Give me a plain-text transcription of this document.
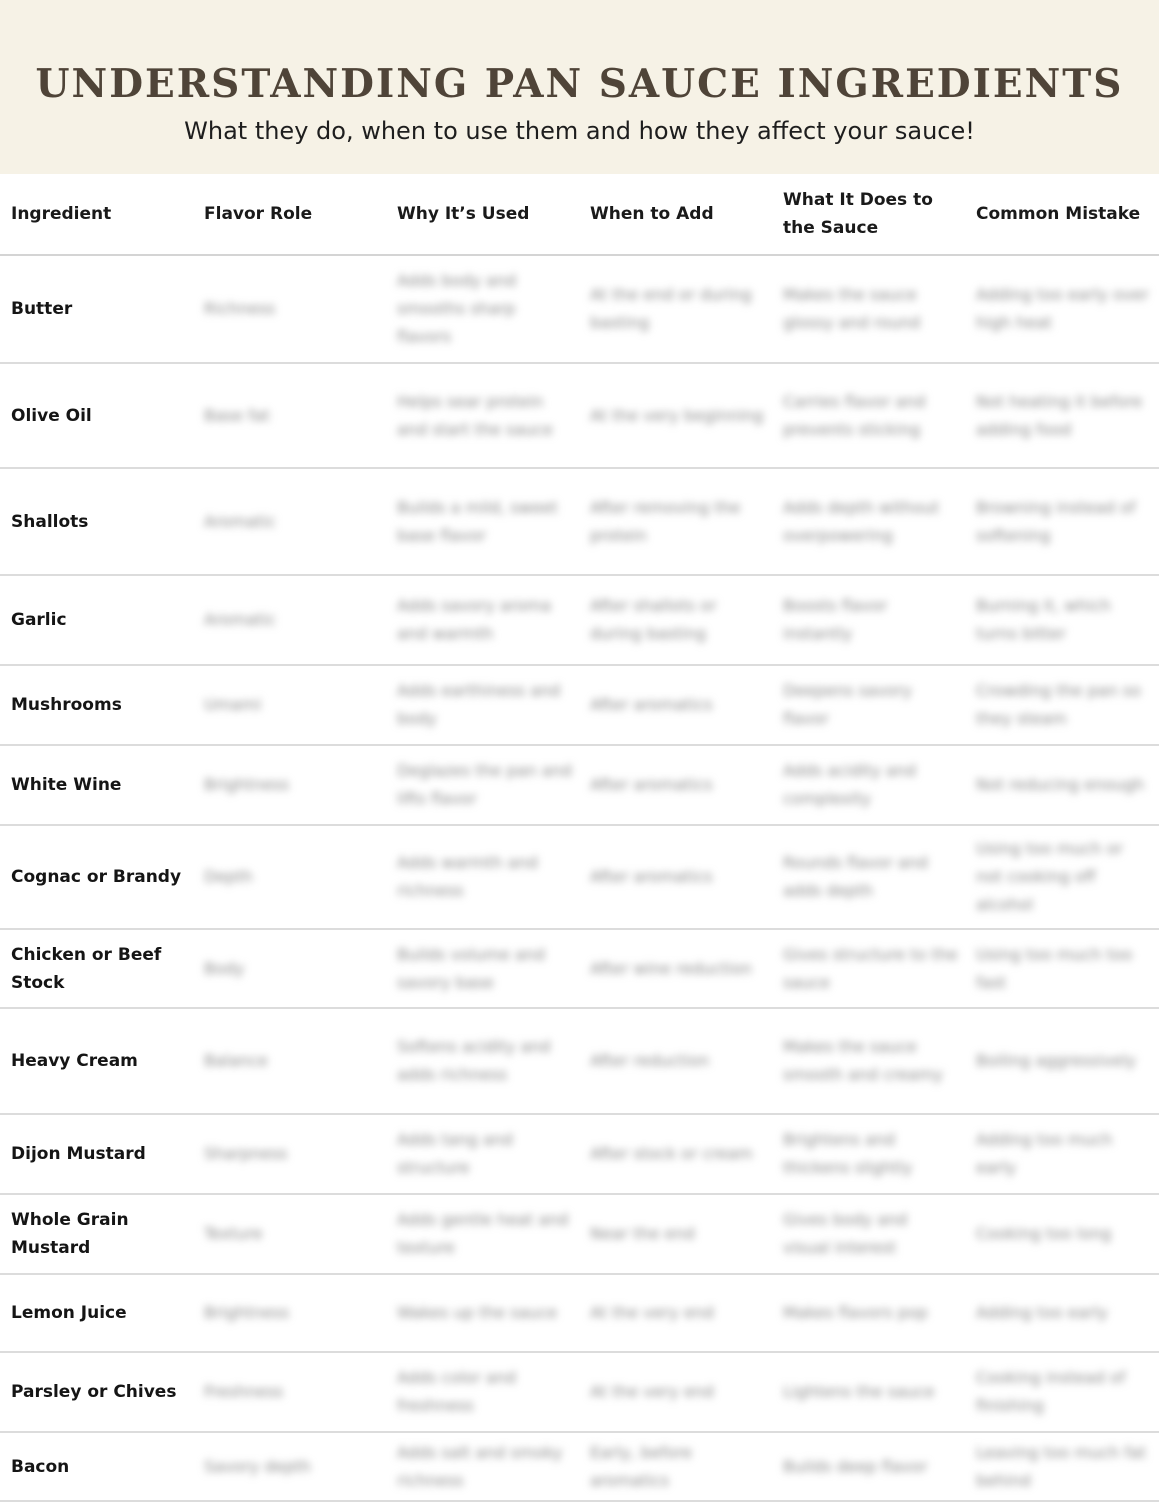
UNDERSTANDING PAN SAUCE INGREDIENTS
What they do, when to use them and how they affect your sauce!
Ingredient	Flavor Role	Why It’s Used	When to Add	What It Does to the Sauce	Common Mistake
Butter	Richness	Adds body and smooths sharp flavors	At the end or during basting	Makes the sauce glossy and round	Adding too early over high heat
Olive Oil	Base fat	Helps sear protein and start the sauce	At the very beginning	Carries flavor and prevents sticking	Not heating it before adding food
Shallots	Aromatic	Builds a mild, sweet base flavor	After removing the protein	Adds depth without overpowering	Browning instead of softening
Garlic	Aromatic	Adds savory aroma and warmth	After shallots or during basting	Boosts flavor instantly	Burning it, which turns bitter
Mushrooms	Umami	Adds earthiness and body	After aromatics	Deepens savory flavor	Crowding the pan so they steam
White Wine	Brightness	Deglazes the pan and lifts flavor	After aromatics	Adds acidity and complexity	Not reducing enough
Cognac or Brandy	Depth	Adds warmth and richness	After aromatics	Rounds flavor and adds depth	Using too much or not cooking off alcohol
Chicken or Beef Stock	Body	Builds volume and savory base	After wine reduction	Gives structure to the sauce	Using too much too fast
Heavy Cream	Balance	Softens acidity and adds richness	After reduction	Makes the sauce smooth and creamy	Boiling aggressively
Dijon Mustard	Sharpness	Adds tang and structure	After stock or cream	Brightens and thickens slightly	Adding too much early
Whole Grain Mustard	Texture	Adds gentle heat and texture	Near the end	Gives body and visual interest	Cooking too long
Lemon Juice	Brightness	Wakes up the sauce	At the very end	Makes flavors pop	Adding too early
Parsley or Chives	Freshness	Adds color and freshness	At the very end	Lightens the sauce	Cooking instead of finishing
Bacon	Savory depth	Adds salt and smoky richness	Early, before aromatics	Builds deep flavor	Leaving too much fat behind
